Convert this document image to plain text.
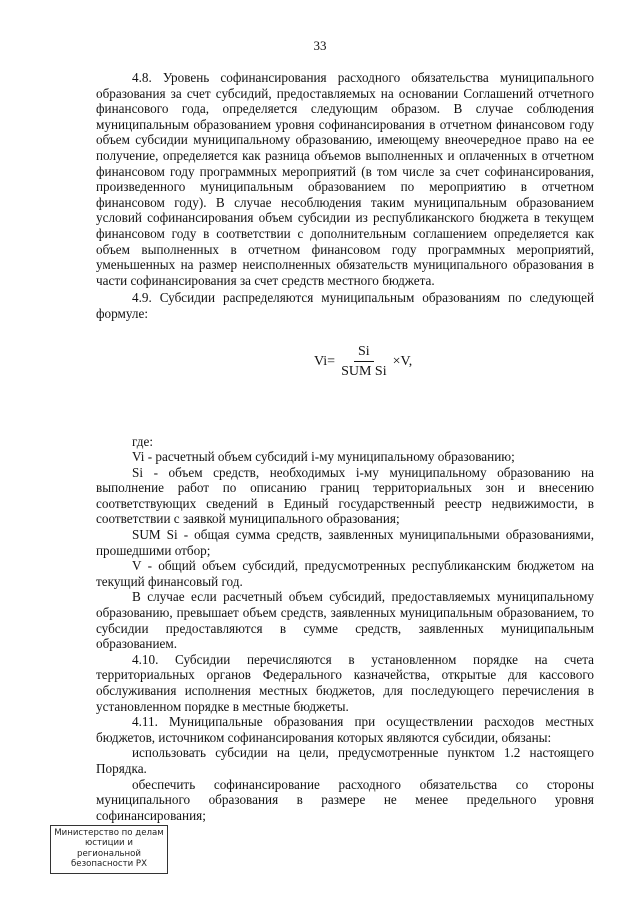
33

4.8. Уровень софинансирования расходного обязательства муниципального образования за счет субсидий, предоставляемых на основании Соглашений отчетного финансового года, определяется следующим образом. В случае соблюдения муниципальным образованием уровня софинансирования в отчетном финансовом году объем субсидии муниципальному образованию, имеющему внеочередное право на ее получение, определяется как разница объемов выполненных и оплаченных в отчетном финансовом году программных мероприятий (в том числе за счет софинансирования, произведенного муниципальным образованием по мероприятию в отчетном финансовом году). В случае несоблюдения таким муниципальным образованием условий софинансирования объем субсидии из республиканского бюджета в текущем финансовом году в соответствии с дополнительным соглашением определяется как объем выполненных в отчетном финансовом году программных мероприятий, уменьшенных на размер неисполненных обязательств муниципального образования в части софинансирования за счет средств местного бюджета.

4.9. Субсидии распределяются муниципальным образованиям по следующей формуле:

$Vi= \frac{Si}{\text{SUM Si}} \times V$,

где:

Vi - расчетный объем субсидий i-му муниципальному образованию;

Si - объем средств, необходимых i-му муниципальному образованию на выполнение работ по описанию границ территориальных зон и внесению соответствующих сведений в Единый государственный реестр недвижимости, в соответствии с заявкой муниципального образования;

SUM Si - общая сумма средств, заявленных муниципальными образованиями, прошедшими отбор;

V - общий объем субсидий, предусмотренных республиканским бюджетом на текущий финансовый год.

В случае если расчетный объем субсидий, предоставляемых муниципальному образованию, превышает объем средств, заявленных муниципальным образованием, то субсидии предоставляются в сумме средств, заявленных муниципальным образованием.

4.10. Субсидии перечисляются в установленном порядке на счета территориальных органов Федерального казначейства, открытые для кассового обслуживания исполнения местных бюджетов, для последующего перечисления в установленном порядке в местные бюджеты.

4.11. Муниципальные образования при осуществлении расходов местных бюджетов, источником софинансирования которых являются субсидии, обязаны:

использовать субсидии на цели, предусмотренные пунктом 1.2 настоящего Порядка.

обеспечить софинансирование расходного обязательства со стороны муниципального образования в размере не менее предельного уровня софинансирования;

Министерство по делам
юстиции и региональной
безопасности РХ
